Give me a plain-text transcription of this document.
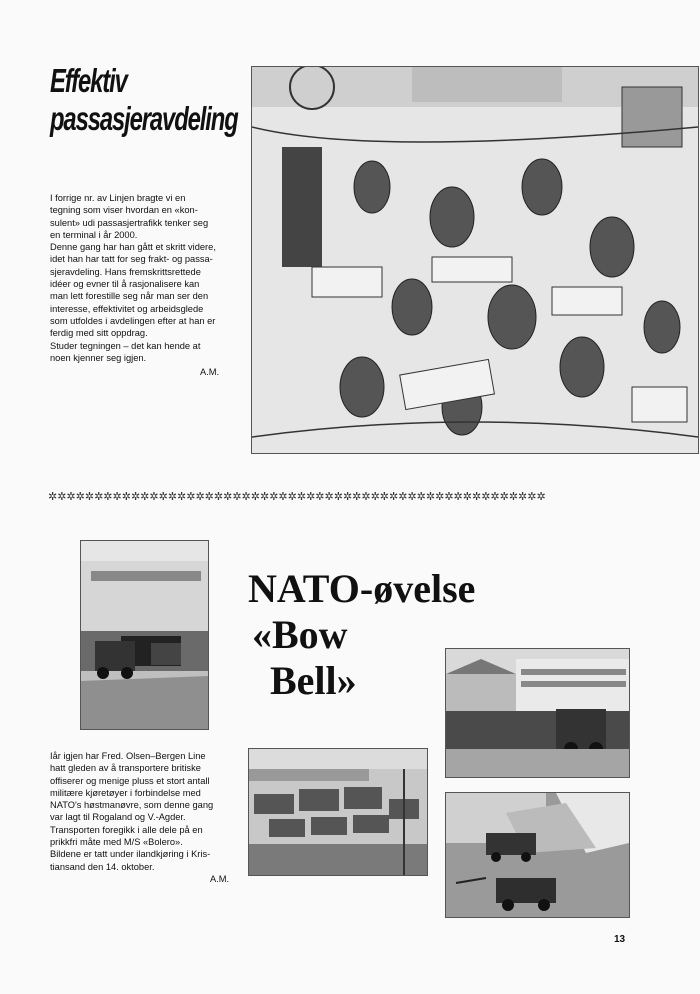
Effektiv
passasjeravdeling

I forrige nr. av Linjen bragte vi en

tegning som viser hvordan en «kon-

sulent» udi passasjertrafikk tenker seg

en terminal i år 2000.

Denne gang har han gått et skritt videre,

idet han har tatt for seg frakt- og passa-

sjeravdeling. Hans fremskrittsrettede

idéer og evner til å rasjonalisere kan

man lett forestille seg når man ser den

interesse, effektivitet og arbeidsglede

som utfoldes i avdelingen efter at han er

ferdig med sitt oppdrag.

Studer tegningen – det kan hende at

noen kjenner seg igjen.

A.M.
✲✲✲✲✲✲✲✲✲✲✲✲✲✲✲✲✲✲✲✲✲✲✲✲✲✲✲✲✲✲✲✲✲✲✲✲✲✲✲✲✲✲✲✲✲✲✲✲✲✲✲✲✲✲
NATO-øvelse
«Bow
Bell»

Iår igjen har Fred. Olsen–Bergen Line

hatt gleden av å transportere britiske

offiserer og menige pluss et stort antall

militære kjøretøyer i forbindelse med

NATO's høstmanøvre, som denne gang

var lagt til Rogaland og V.-Agder.

Transporten foregikk i alle dele på en

prikkfri måte med M/S «Bolero».

Bildene er tatt under ilandkjøring i Kris-

tiansand den 14. oktober.

A.M.
13
